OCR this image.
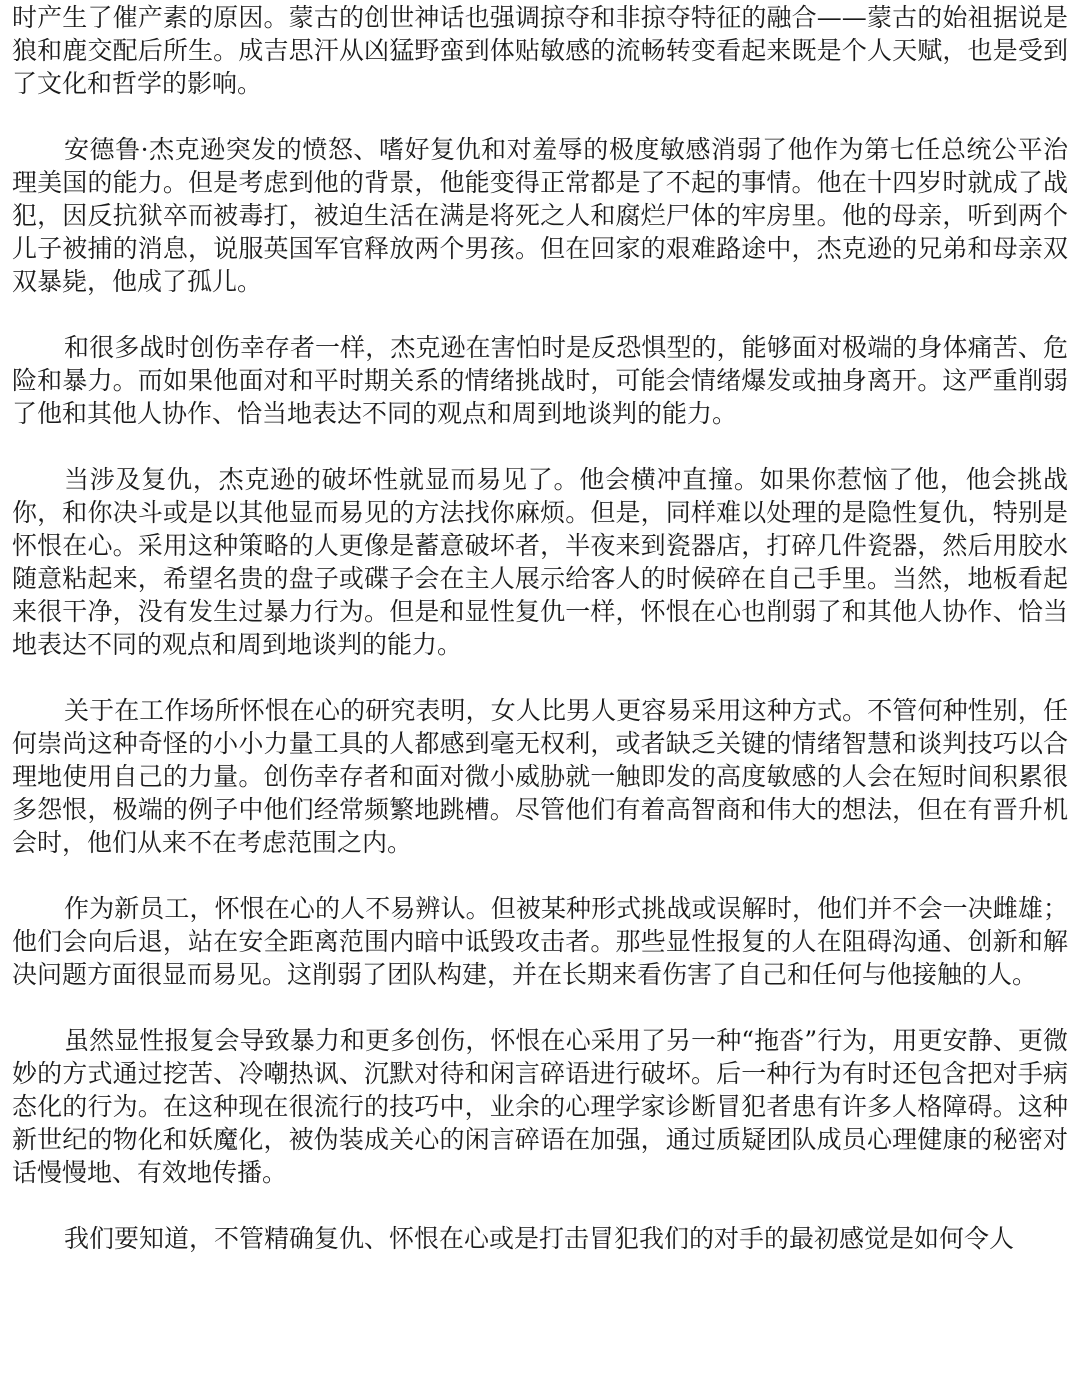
时产生了催产素的原因。蒙古的创世神话也强调掠夺和非掠夺特征的融合——蒙古的始祖据说是狼和鹿交配后所生。成吉思汗从凶猛野蛮到体贴敏感的流畅转变看起来既是个人天赋，也是受到了文化和哲学的影响。

安德鲁·杰克逊突发的愤怒、嗜好复仇和对羞辱的极度敏感消弱了他作为第七任总统公平治理美国的能力。但是考虑到他的背景，他能变得正常都是了不起的事情。他在十四岁时就成了战犯，因反抗狱卒而被毒打，被迫生活在满是将死之人和腐烂尸体的牢房里。他的母亲，听到两个儿子被捕的消息，说服英国军官释放两个男孩。但在回家的艰难路途中，杰克逊的兄弟和母亲双双暴毙，他成了孤儿。

和很多战时创伤幸存者一样，杰克逊在害怕时是反恐惧型的，能够面对极端的身体痛苦、危险和暴力。而如果他面对和平时期关系的情绪挑战时，可能会情绪爆发或抽身离开。这严重削弱了他和其他人协作、恰当地表达不同的观点和周到地谈判的能力。

当涉及复仇，杰克逊的破坏性就显而易见了。他会横冲直撞。如果你惹恼了他，他会挑战你，和你决斗或是以其他显而易见的方法找你麻烦。但是，同样难以处理的是隐性复仇，特别是怀恨在心。采用这种策略的人更像是蓄意破坏者，半夜来到瓷器店，打碎几件瓷器，然后用胶水随意粘起来，希望名贵的盘子或碟子会在主人展示给客人的时候碎在自己手里。当然，地板看起来很干净，没有发生过暴力行为。但是和显性复仇一样，怀恨在心也削弱了和其他人协作、恰当地表达不同的观点和周到地谈判的能力。

关于在工作场所怀恨在心的研究表明，女人比男人更容易采用这种方式。不管何种性别，任何崇尚这种奇怪的小小力量工具的人都感到毫无权利，或者缺乏关键的情绪智慧和谈判技巧以合理地使用自己的力量。创伤幸存者和面对微小威胁就一触即发的高度敏感的人会在短时间积累很多怨恨，极端的例子中他们经常频繁地跳槽。尽管他们有着高智商和伟大的想法，但在有晋升机会时，他们从来不在考虑范围之内。

作为新员工，怀恨在心的人不易辨认。但被某种形式挑战或误解时，他们并不会一决雌雄；他们会向后退，站在安全距离范围内暗中诋毁攻击者。那些显性报复的人在阻碍沟通、创新和解决问题方面很显而易见。这削弱了团队构建，并在长期来看伤害了自己和任何与他接触的人。

虽然显性报复会导致暴力和更多创伤，怀恨在心采用了另一种“拖沓”行为，用更安静、更微妙的方式通过挖苦、冷嘲热讽、沉默对待和闲言碎语进行破坏。后一种行为有时还包含把对手病态化的行为。在这种现在很流行的技巧中，业余的心理学家诊断冒犯者患有许多人格障碍。这种新世纪的物化和妖魔化，被伪装成关心的闲言碎语在加强，通过质疑团队成员心理健康的秘密对话慢慢地、有效地传播。

我们要知道，不管精确复仇、怀恨在心或是打击冒犯我们的对手的最初感觉是如何令人
